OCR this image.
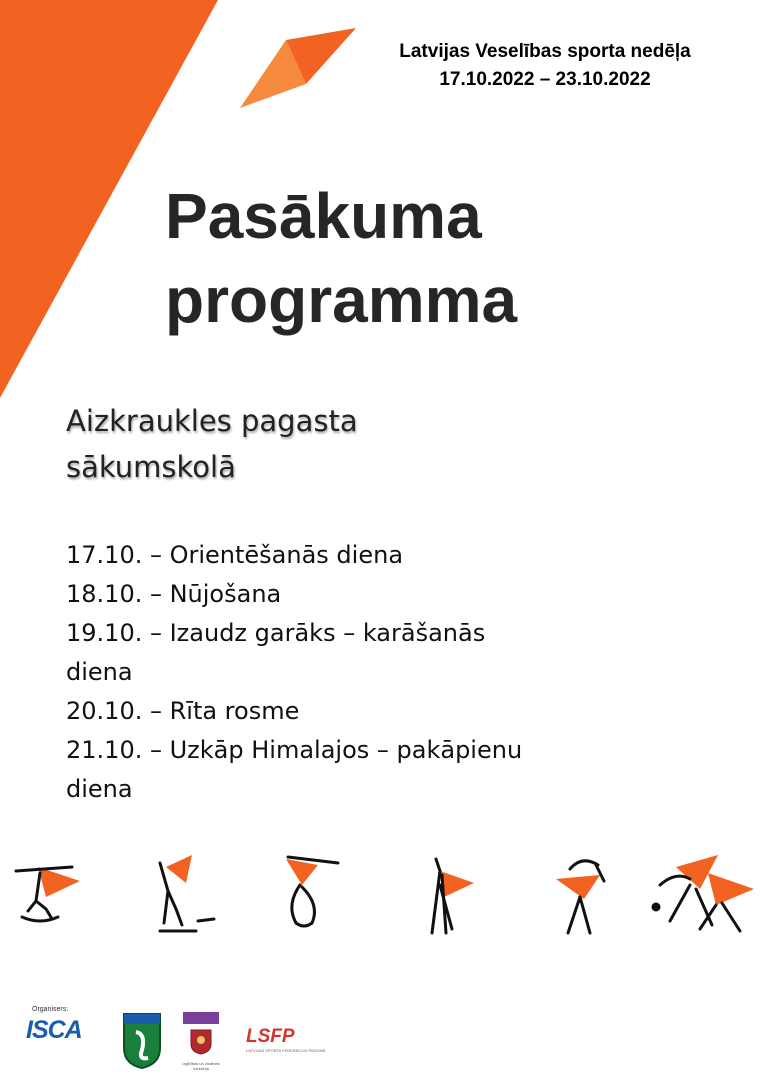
Latvijas Veselības sporta nedēļa
17.10.2022 – 23.10.2022
Pasākuma
programma
Aizkraukles pagasta
sākumskolā

17.10. – Orientēšanās diena

18.10. – Nūjošana

19.10. – Izaudz garāks – karāšanās diena

20.10. – Rīta rosme

21.10. – Uzkāp Himalajos – pakāpienu diena

Organisers:
ISCA
Izglītības un zinātnes ministrija
LSFP
LATVIJAS SPORTA FEDERĀCIJU PADOME
